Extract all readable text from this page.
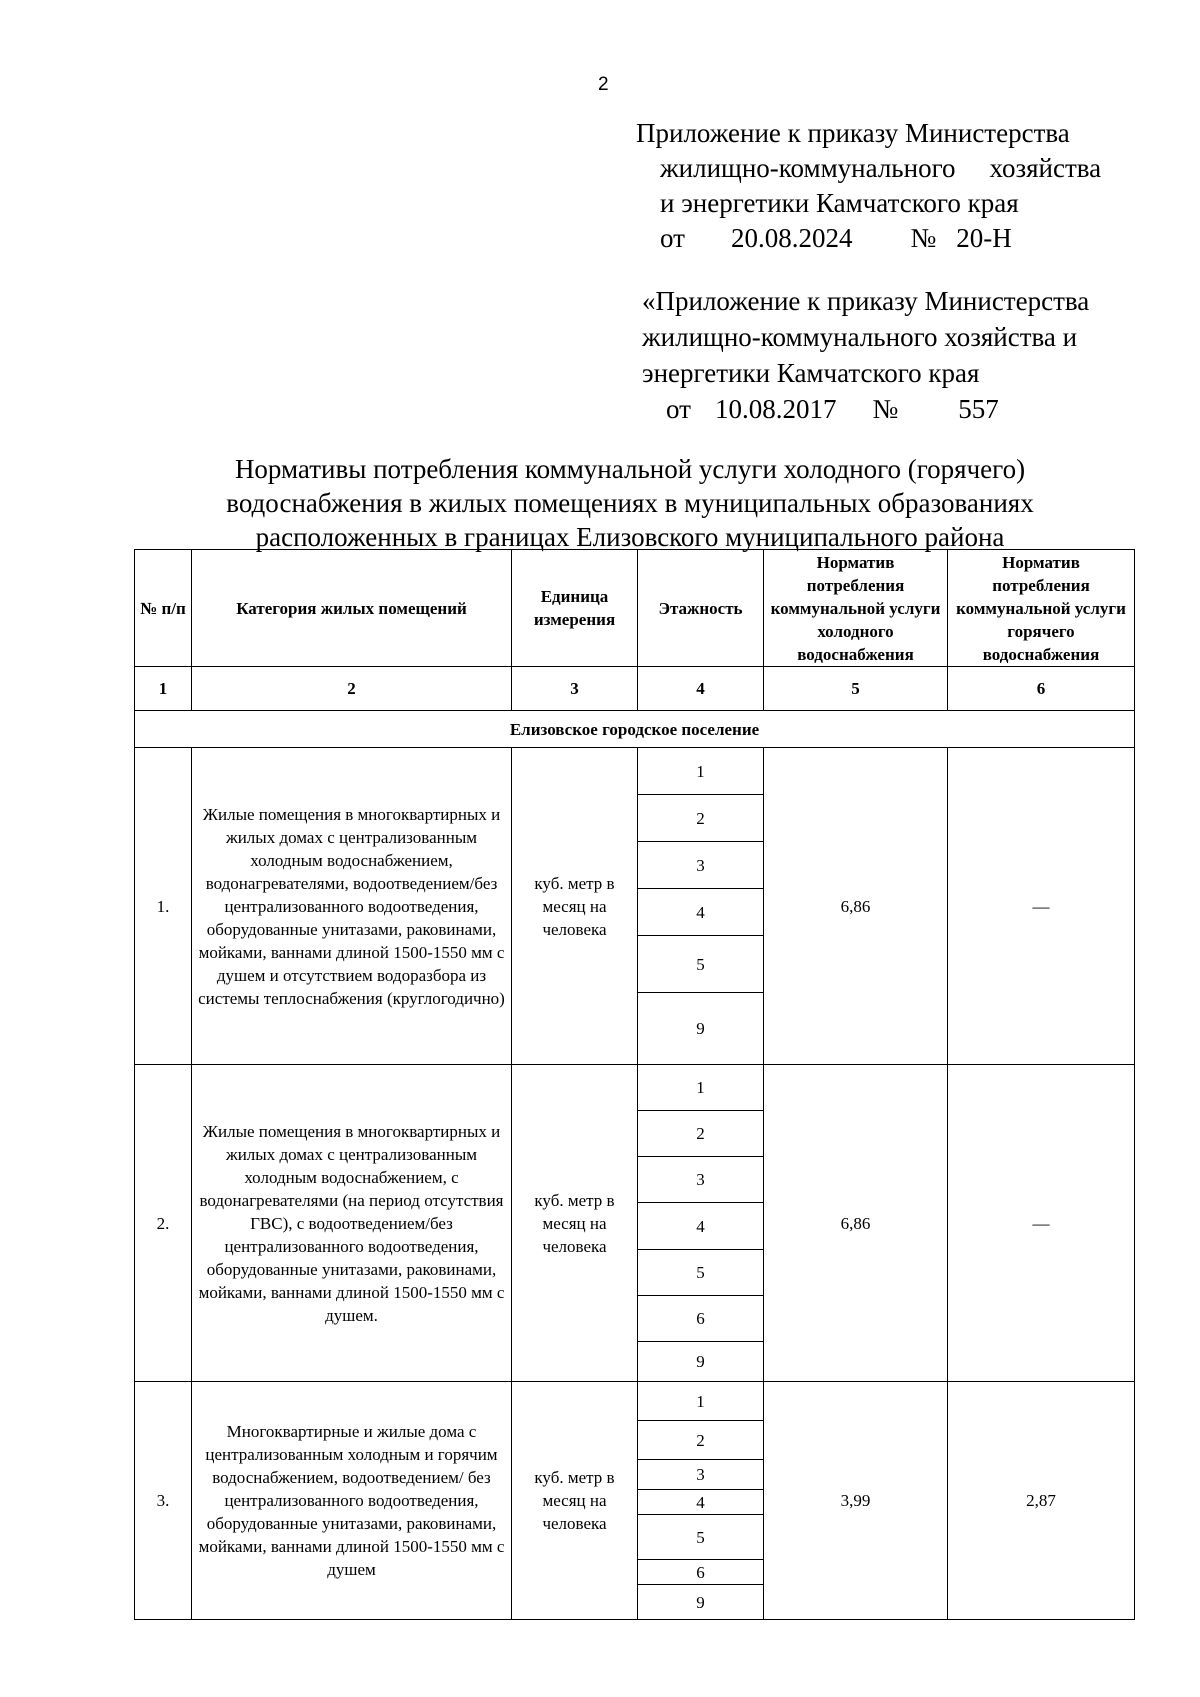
2
Приложение к приказу Министерства
жилищно-коммунального хозяйства
и энергетики Камчатского края
от 20.08.2024 № 20-Н
«Приложение к приказу Министерства
жилищно-коммунального хозяйства и
энергетики Камчатского края
от 10.08.2017 № 557
Нормативы потребления коммунальной услуги холодного (горячего)
водоснабжения в жилых помещениях в муниципальных образованиях
расположенных в границах Елизовского муниципального района
№ п/п	Категория жилых помещений	Единица измерения	Этажность	Норматив потребления коммунальной услуги холодного водоснабжения	Норматив потребления коммунальной услуги горячего водоснабжения
1	2	3	4	5	6
Елизовское городское поселение					
1.	Жилые помещения в многоквартирных и жилых домах с централизованным холодным водоснабжением, водонагревателями, водоотведением/без централизованного водоотведения, оборудованные унитазами, раковинами, мойками, ваннами длиной 1500-1550 мм с душем и отсутствием водоразбора из системы теплоснабжения (круглогодично)	куб. метр в месяц на человека	1	6,86	—
			2		
			3		
			4		
			5		
			9		
2.	Жилые помещения в многоквартирных и жилых домах с централизованным холодным водоснабжением, с водонагревателями (на период отсутствия ГВС), с водоотведением/без централизованного водоотведения, оборудованные унитазами, раковинами, мойками, ваннами длиной 1500-1550 мм с душем.	куб. метр в месяц на человека	1	6,86	—
			2		
			3		
			4		
			5		
			6		
			9		
3.	Многоквартирные и жилые дома с централизованным холодным и горячим водоснабжением, водоотведением/ без централизованного водоотведения, оборудованные унитазами, раковинами, мойками, ваннами длиной 1500-1550 мм с душем	куб. метр в месяц на человека	1	3,99	2,87
			2		
			3		
			4		
			5		
			6		
			9		
